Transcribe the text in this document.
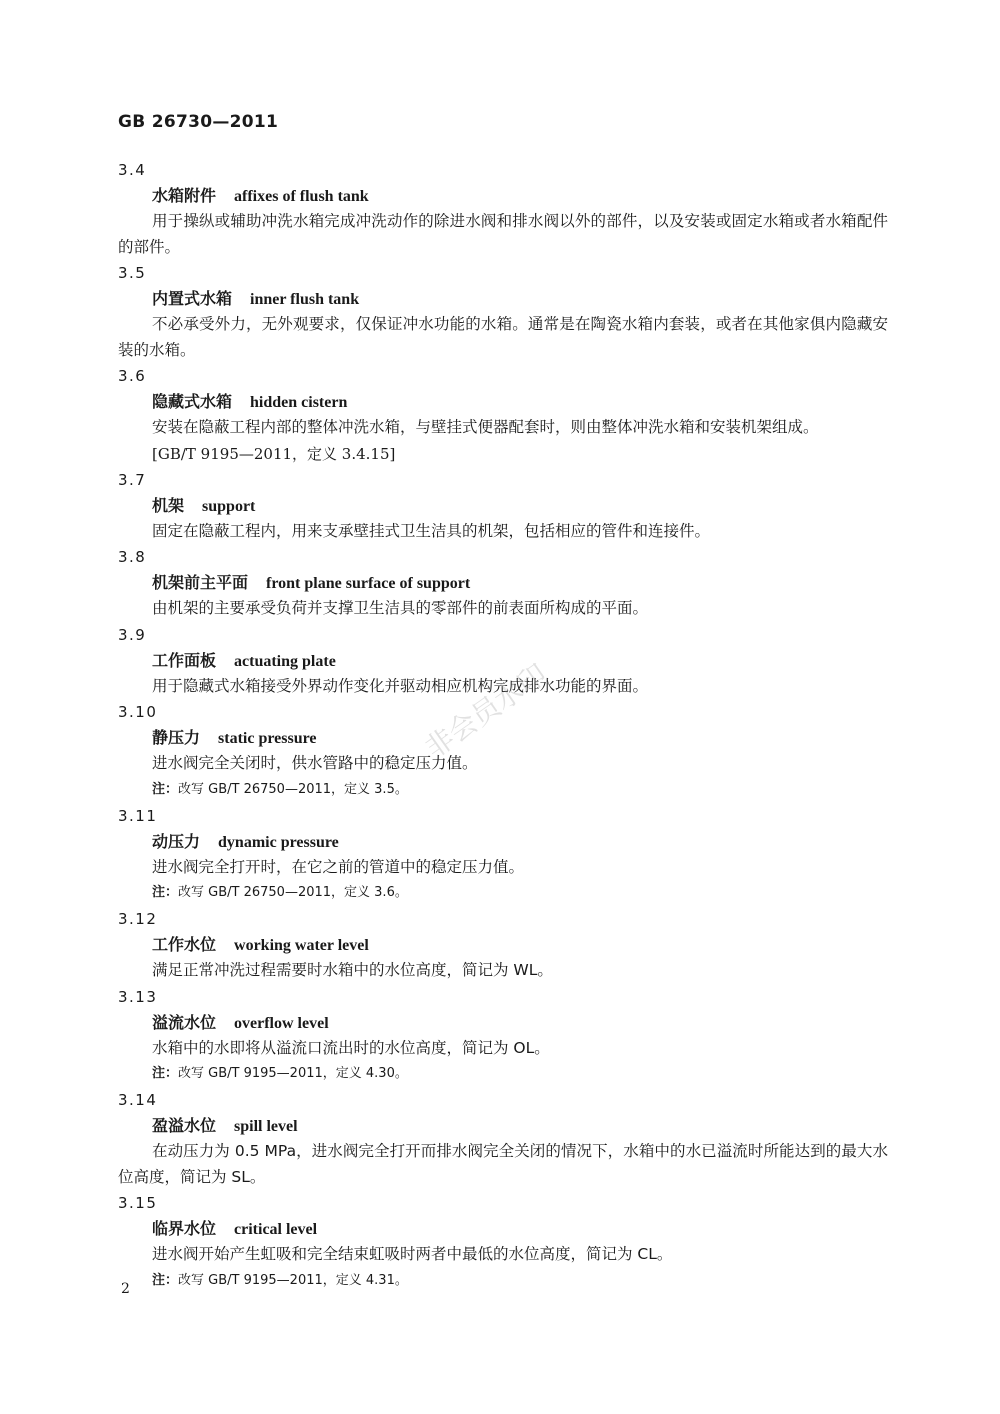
GB 26730—2011
3.4
水箱附件 affixes of flush tank
用于操纵或辅助冲洗水箱完成冲洗动作的除进水阀和排水阀以外的部件，以及安装或固定水箱或者水箱配件的部件。
3.5
内置式水箱 inner flush tank
不必承受外力，无外观要求，仅保证冲水功能的水箱。通常是在陶瓷水箱内套装，或者在其他家俱内隐藏安装的水箱。
3.6
隐藏式水箱 hidden cistern
安装在隐蔽工程内部的整体冲洗水箱，与壁挂式便器配套时，则由整体冲洗水箱和安装机架组成。
[GB/T 9195—2011，定义 3.4.15]
3.7
机架 support
固定在隐蔽工程内，用来支承壁挂式卫生洁具的机架，包括相应的管件和连接件。
3.8
机架前主平面 front plane surface of support
由机架的主要承受负荷并支撑卫生洁具的零部件的前表面所构成的平面。
3.9
工作面板 actuating plate
用于隐藏式水箱接受外界动作变化并驱动相应机构完成排水功能的界面。
3.10
静压力 static pressure
进水阀完全关闭时，供水管路中的稳定压力值。
注：改写 GB/T 26750—2011，定义 3.5。
3.11
动压力 dynamic pressure
进水阀完全打开时，在它之前的管道中的稳定压力值。
注：改写 GB/T 26750—2011，定义 3.6。
3.12
工作水位 working water level
满足正常冲洗过程需要时水箱中的水位高度，简记为 WL。
3.13
溢流水位 overflow level
水箱中的水即将从溢流口流出时的水位高度，简记为 OL。
注：改写 GB/T 9195—2011，定义 4.30。
3.14
盈溢水位 spill level
在动压力为 0.5 MPa，进水阀完全打开而排水阀完全关闭的情况下，水箱中的水已溢流时所能达到的最大水位高度，简记为 SL。
3.15
临界水位 critical level
进水阀开始产生虹吸和完全结束虹吸时两者中最低的水位高度，简记为 CL。
注：改写 GB/T 9195—2011，定义 4.31。
非会员水印
2
